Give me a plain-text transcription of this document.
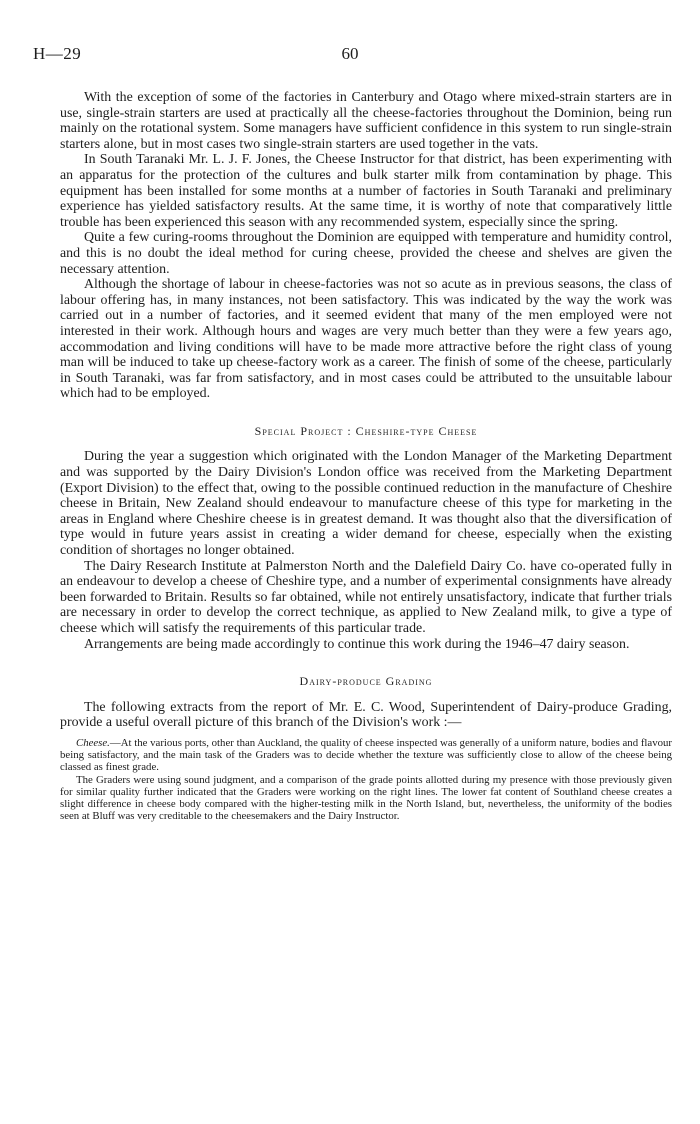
H—29	60

With the exception of some of the factories in Canterbury and Otago where mixed-strain starters are in use, single-strain starters are used at practically all the cheese-factories throughout the Dominion, being run mainly on the rotational system. Some managers have sufficient confidence in this system to run single-strain starters alone, but in most cases two single-strain starters are used together in the vats.

In South Taranaki Mr. L. J. F. Jones, the Cheese Instructor for that district, has been experimenting with an apparatus for the protection of the cultures and bulk starter milk from contamination by phage. This equipment has been installed for some months at a number of factories in South Taranaki and preliminary experience has yielded satisfactory results. At the same time, it is worthy of note that comparatively little trouble has been experienced this season with any recommended system, especially since the spring.

Quite a few curing-rooms throughout the Dominion are equipped with temperature and humidity control, and this is no doubt the ideal method for curing cheese, provided the cheese and shelves are given the necessary attention.

Although the shortage of labour in cheese-factories was not so acute as in previous seasons, the class of labour offering has, in many instances, not been satisfactory. This was indicated by the way the work was carried out in a number of factories, and it seemed evident that many of the men employed were not interested in their work. Although hours and wages are very much better than they were a few years ago, accommodation and living conditions will have to be made more attractive before the right class of young man will be induced to take up cheese-factory work as a career. The finish of some of the cheese, particularly in South Taranaki, was far from satisfactory, and in most cases could be attributed to the unsuitable labour which had to be employed.

Special Project : Cheshire-type Cheese

During the year a suggestion which originated with the London Manager of the Marketing Department and was supported by the Dairy Division's London office was received from the Marketing Department (Export Division) to the effect that, owing to the possible continued reduction in the manufacture of Cheshire cheese in Britain, New Zealand should endeavour to manufacture cheese of this type for marketing in the areas in England where Cheshire cheese is in greatest demand. It was thought also that the diversification of type would in future years assist in creating a wider demand for cheese, especially when the existing condition of shortages no longer obtained.

The Dairy Research Institute at Palmerston North and the Dalefield Dairy Co. have co-operated fully in an endeavour to develop a cheese of Cheshire type, and a number of experimental consignments have already been forwarded to Britain. Results so far obtained, while not entirely unsatisfactory, indicate that further trials are necessary in order to develop the correct technique, as applied to New Zealand milk, to give a type of cheese which will satisfy the requirements of this particular trade.

Arrangements are being made accordingly to continue this work during the 1946–47 dairy season.

Dairy-produce Grading

The following extracts from the report of Mr. E. C. Wood, Superintendent of Dairy-produce Grading, provide a useful overall picture of this branch of the Division's work :—

Cheese.—At the various ports, other than Auckland, the quality of cheese inspected was generally of a uniform nature, bodies and flavour being satisfactory, and the main task of the Graders was to decide whether the texture was sufficiently close to allow of the cheese being classed as finest grade.

The Graders were using sound judgment, and a comparison of the grade points allotted during my presence with those previously given for similar quality further indicated that the Graders were working on the right lines. The lower fat content of Southland cheese creates a slight difference in cheese body compared with the higher-testing milk in the North Island, but, nevertheless, the uniformity of the bodies seen at Bluff was very creditable to the cheesemakers and the Dairy Instructor.
